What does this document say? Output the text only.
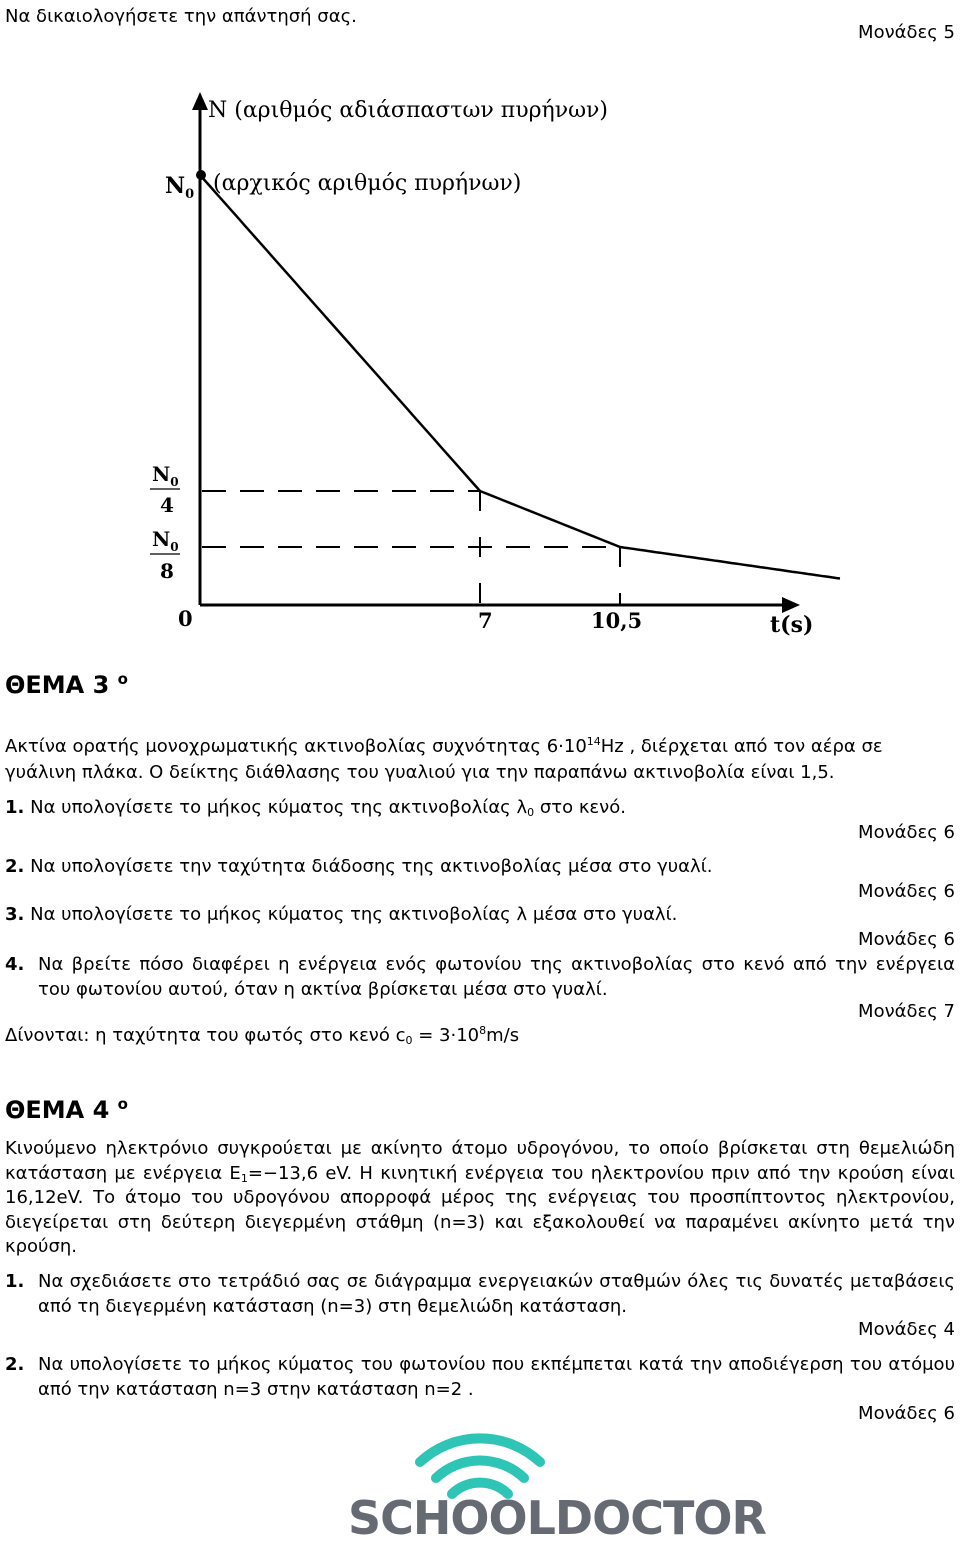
Να δικαιολογήσετε την απάντησή σας.
Μονάδες 5
N (αριθμός αδιάσπαστων πυρήνων)
$N_0$ (αρχικός αριθμός πυρήνων)
$N_0$
4
$N_0$
8
0	7	10,5	t(s)
ΘΕΜΑ 3 $^o$
Ακτίνα ορατής μονοχρωματικής ακτινοβολίας συχνότητας $6\cdot 10^{14}Hz$ , διέρχεται από τον αέρα σε
γυάλινη πλάκα. Ο δείκτης διάθλασης του γυαλιού για την παραπάνω ακτινοβολία είναι 1,5.
1. Να υπολογίσετε το μήκος κύματος της ακτινοβολίας $\lambda_0$ στο κενό.
Μονάδες 6
2. Να υπολογίσετε την ταχύτητα διάδοσης της ακτινοβολίας μέσα στο γυαλί.
Μονάδες 6
3. Να υπολογίσετε το μήκος κύματος της ακτινοβολίας λ μέσα στο γυαλί.
Μονάδες 6
4. Να βρείτε πόσο διαφέρει η ενέργεια ενός φωτονίου της ακτινοβολίας στο κενό από την ενέργεια του φωτονίου αυτού, όταν η ακτίνα βρίσκεται μέσα στο γυαλί.
Μονάδες 7
Δίνονται: η ταχύτητα του φωτός στο κενό $c_0 = 3\cdot 10^8m/s$
ΘΕΜΑ 4 $^o$
Κινούμενο ηλεκτρόνιο συγκρούεται με ακίνητο άτομο υδρογόνου, το οποίο βρίσκεται στη θεμελιώδη κατάσταση με ενέργεια $E_1=-13,6$ eV. Η κινητική ενέργεια του ηλεκτρονίου πριν από την κρούση είναι 16,12eV. Το άτομο του υδρογόνου απορροφά μέρος της ενέργειας του προσπίπτοντος ηλεκτρονίου, διεγείρεται στη δεύτερη διεγερμένη στάθμη (n=3) και εξακολουθεί να παραμένει ακίνητο μετά την κρούση.
1. Να σχεδιάσετε στο τετράδιό σας σε διάγραμμα ενεργειακών σταθμών όλες τις δυνατές μεταβάσεις από τη διεγερμένη κατάσταση (n=3) στη θεμελιώδη κατάσταση.
Μονάδες 4
2. Να υπολογίσετε το μήκος κύματος του φωτονίου που εκπέμπεται κατά την αποδιέγερση του ατόμου από την κατάσταση n=3 στην κατάσταση n=2 .
Μονάδες 6
SCHOOLDOCTOR
